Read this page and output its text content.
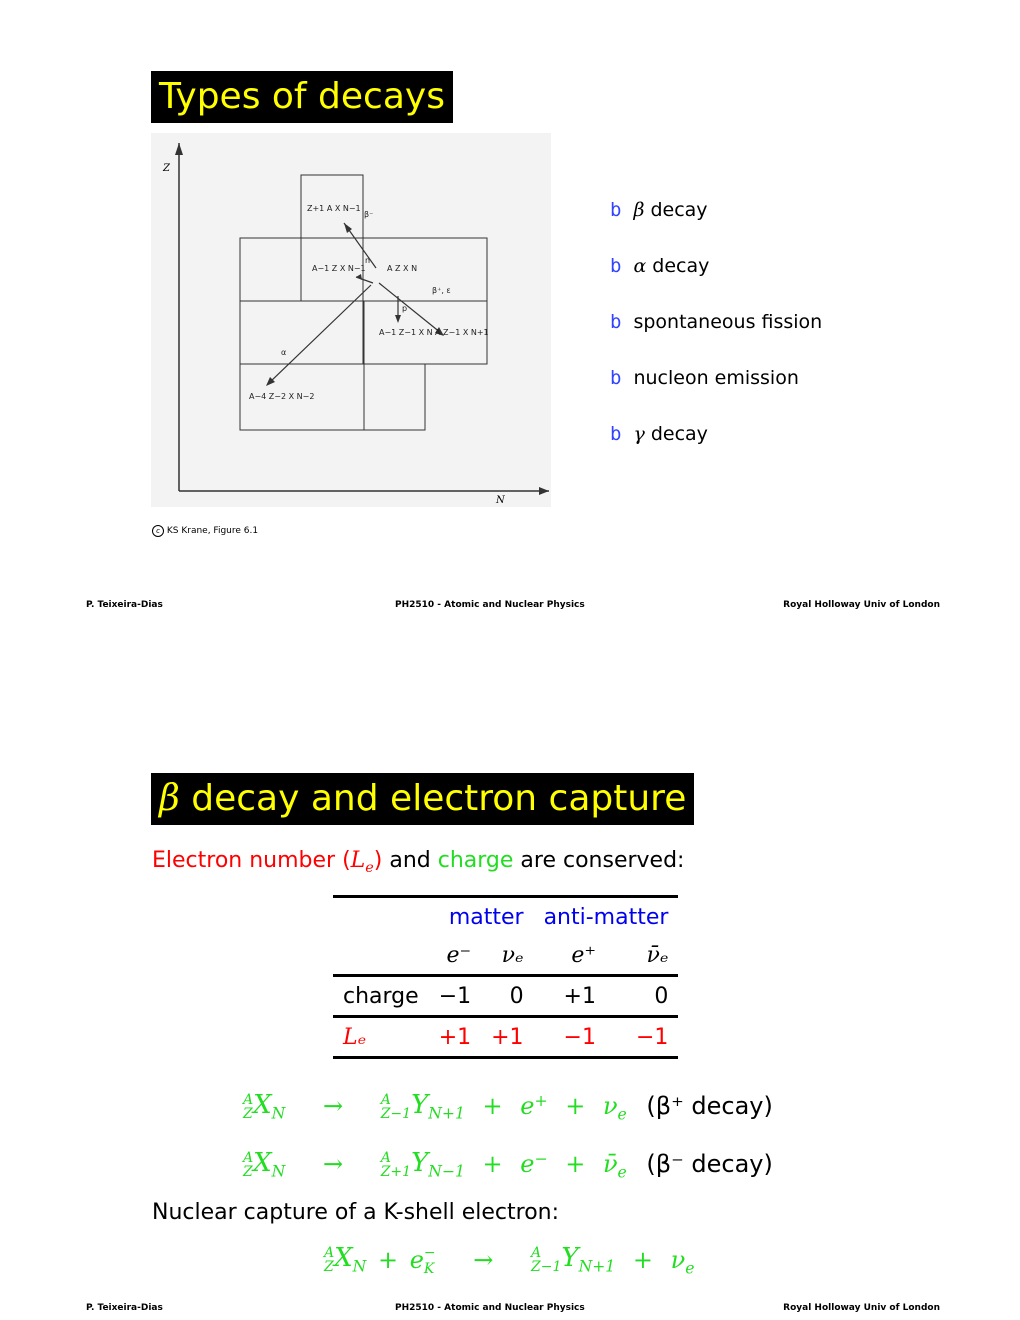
Types of decays
Z
N
Z+1 A X N−1
β⁻
A−1 Z X N−1
n
A Z X N
β⁺, ε
p
A−1 Z−1 X N A Z−1 X N+1
α
A−4 Z−2 X N−2
c KS Krane, Figure 6.1
b β decay
b α decay
b spontaneous fission
b nucleon emission
b γ decay
P. Teixeira-Dias	PH2510 - Atomic and Nuclear Physics	Royal Holloway Univ of London
β decay and electron capture
Electron number $(L_e)$ and charge are conserved:
	matter		anti-matter	
	e⁻	νₑ	e⁺	ν̄ₑ
charge	−1	0	+1	0
Lₑ	+1	+1	−1	−1
A
Z $X_N$ →	A
Z−1 $Y_{N+1} + e^+ + \nu_e$ (β⁺ decay)
A
Z $X_N$ →	A
Z+1 $Y_{N-1} + e^-$ + $\nū_e$ (β⁻ decay)
Nuclear capture of a K-shell electron:
A
Z $X_N + e$ −
K →	A
Z−1 $Y_{N+1} + \nu_e$
P. Teixeira-Dias	PH2510 - Atomic and Nuclear Physics	Royal Holloway Univ of London
